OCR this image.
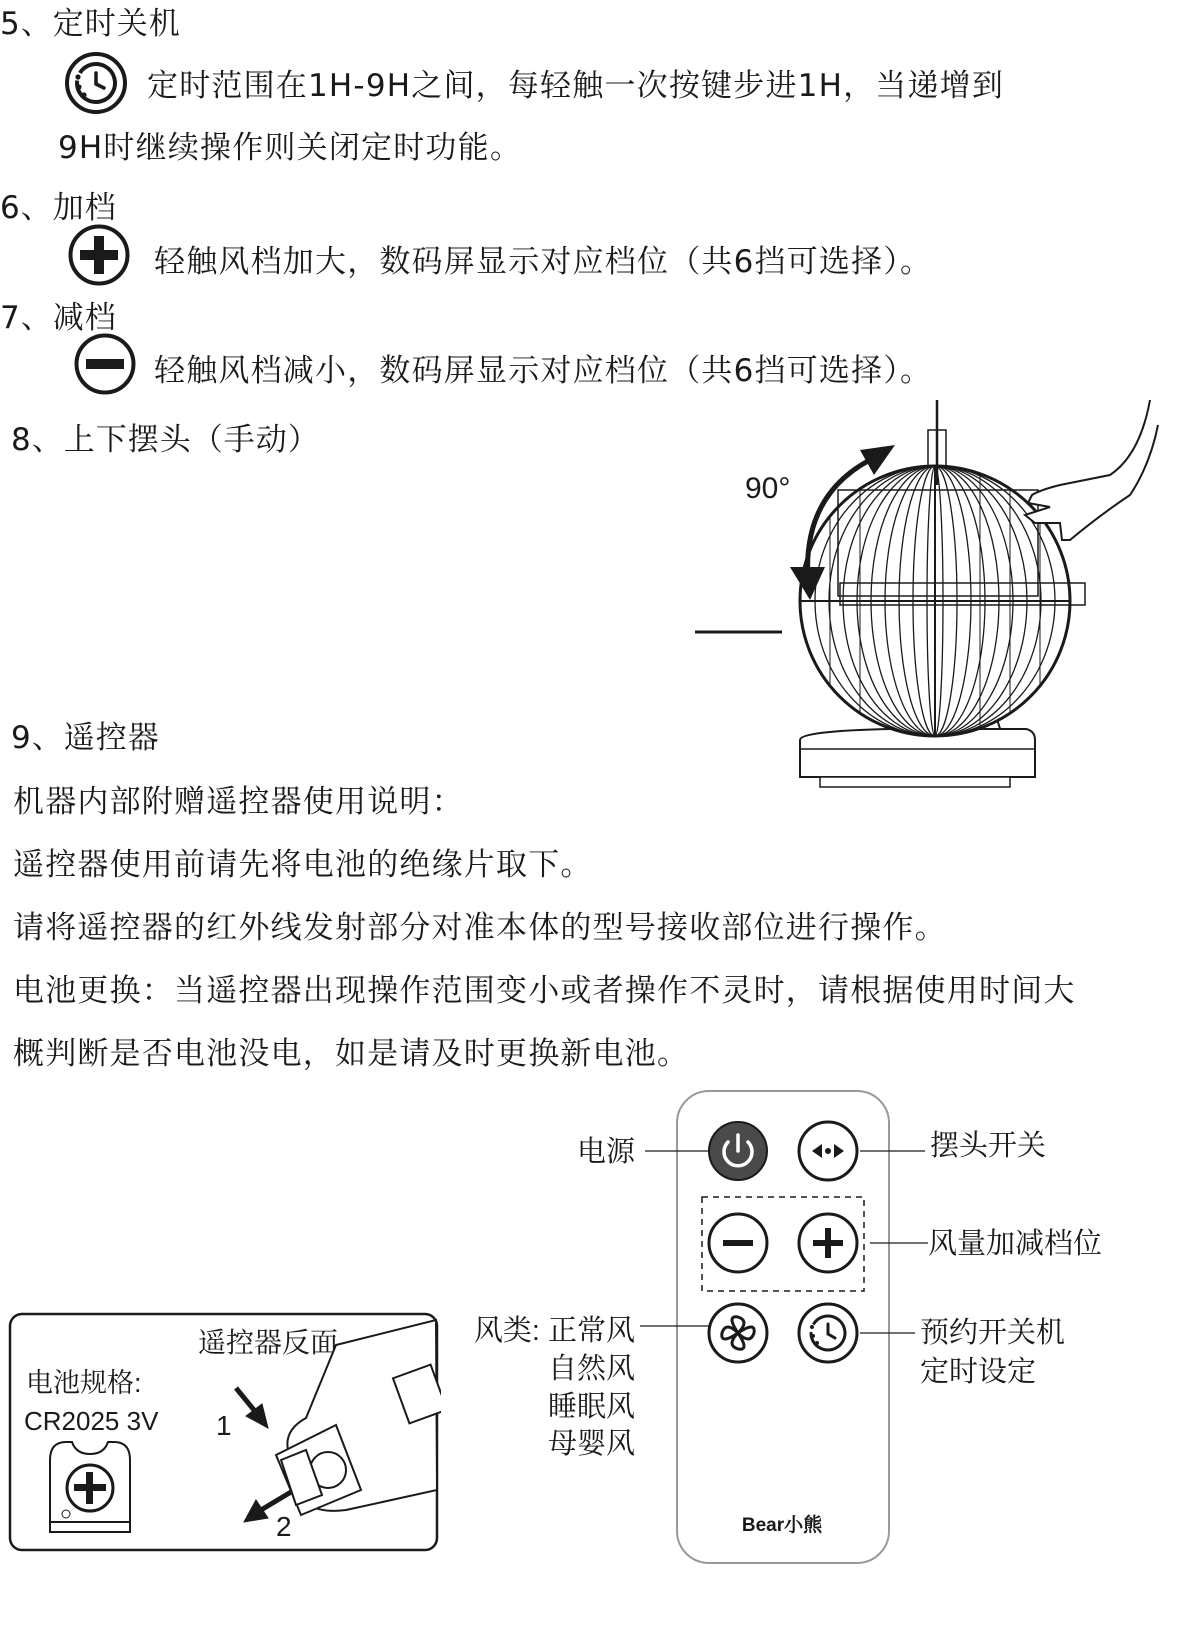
5、定时关机
定时范围在1H-9H之间，每轻触一次按键步进1H，当递增到
9H时继续操作则关闭定时功能。
6、加档
轻触风档加大，数码屏显示对应档位（共6挡可选择）。
7、减档
轻触风档减小，数码屏显示对应档位（共6挡可选择）。
8、上下摆头（手动）
90°
9、遥控器
机器内部附赠遥控器使用说明：
遥控器使用前请先将电池的绝缘片取下。
请将遥控器的红外线发射部分对准本体的型号接收部位进行操作。
电池更换：当遥控器出现操作范围变小或者操作不灵时，请根据使用时间大
概判断是否电池没电，如是请及时更换新电池。
电源	摆头开关
风量加减档位
风类: 正常风
自然风
睡眠风
母婴风
预约开关机
定时设定
Bear小熊
遥控器反面
电池规格:
CR2025 3V 1
2
